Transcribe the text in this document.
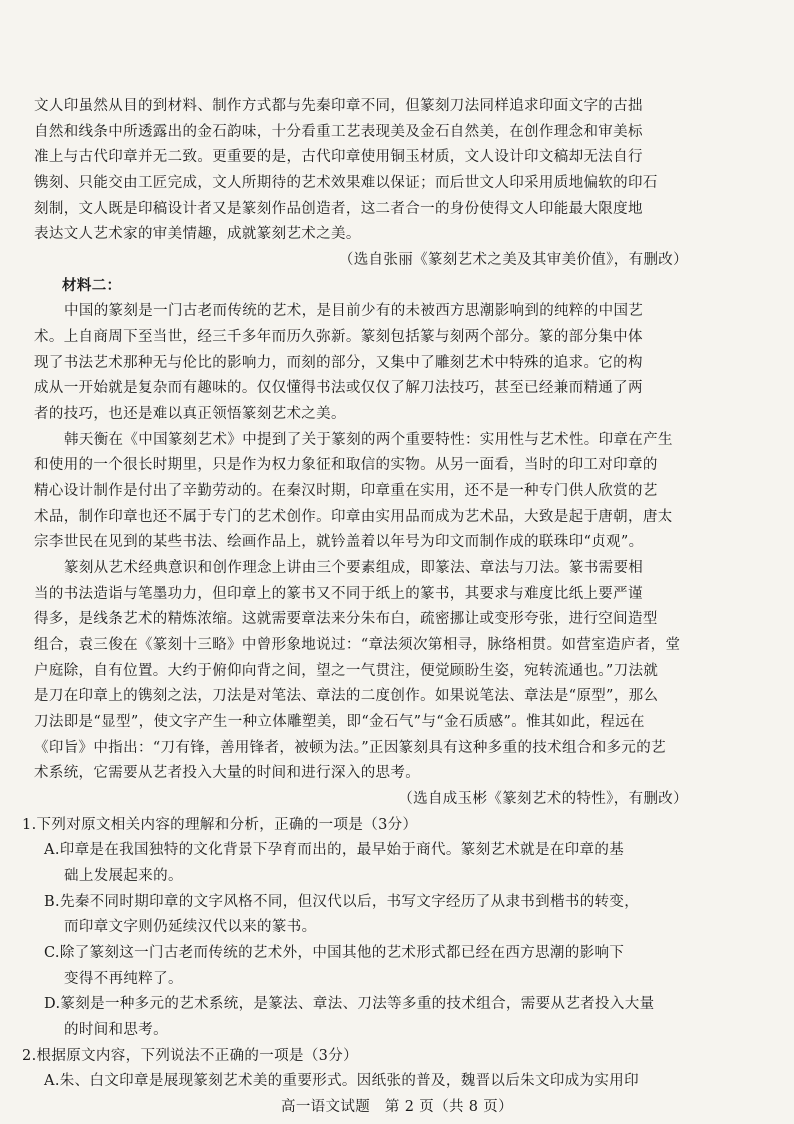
文人印虽然从目的到材料、制作方式都与先秦印章不同，但篆刻刀法同样追求印面文字的古拙
自然和线条中所透露出的金石韵味，十分看重工艺表现美及金石自然美，在创作理念和审美标
准上与古代印章并无二致。更重要的是，古代印章使用铜玉材质，文人设计印文稿却无法自行
镌刻、只能交由工匠完成，文人所期待的艺术效果难以保证；而后世文人印采用质地偏软的印石
刻制，文人既是印稿设计者又是篆刻作品创造者，这二者合一的身份使得文人印能最大限度地
表达文人艺术家的审美情趣，成就篆刻艺术之美。
（选自张丽《篆刻艺术之美及其审美价值》，有删改）
材料二：
中国的篆刻是一门古老而传统的艺术，是目前少有的未被西方思潮影响到的纯粹的中国艺
术。上自商周下至当世，经三千多年而历久弥新。篆刻包括篆与刻两个部分。篆的部分集中体
现了书法艺术那种无与伦比的影响力，而刻的部分，又集中了雕刻艺术中特殊的追求。它的构
成从一开始就是复杂而有趣味的。仅仅懂得书法或仅仅了解刀法技巧，甚至已经兼而精通了两
者的技巧，也还是难以真正领悟篆刻艺术之美。
韩天衡在《中国篆刻艺术》中提到了关于篆刻的两个重要特性：实用性与艺术性。印章在产生
和使用的一个很长时期里，只是作为权力象征和取信的实物。从另一面看，当时的印工对印章的
精心设计制作是付出了辛勤劳动的。在秦汉时期，印章重在实用，还不是一种专门供人欣赏的艺
术品，制作印章也还不属于专门的艺术创作。印章由实用品而成为艺术品，大致是起于唐朝，唐太
宗李世民在见到的某些书法、绘画作品上，就钤盖着以年号为印文而制作成的联珠印“贞观”。
篆刻从艺术经典意识和创作理念上讲由三个要素组成，即篆法、章法与刀法。篆书需要相
当的书法造诣与笔墨功力，但印章上的篆书又不同于纸上的篆书，其要求与难度比纸上要严谨
得多，是线条艺术的精炼浓缩。这就需要章法来分朱布白，疏密挪让或变形夸张，进行空间造型
组合，袁三俊在《篆刻十三略》中曾形象地说过：“章法须次第相寻，脉络相贯。如营室造庐者，堂
户庭除，自有位置。大约于俯仰向背之间，望之一气贯注，便觉顾盼生姿，宛转流通也。”刀法就
是刀在印章上的镌刻之法，刀法是对笔法、章法的二度创作。如果说笔法、章法是“原型”，那么
刀法即是“显型”，使文字产生一种立体雕塑美，即“金石气”与“金石质感”。惟其如此，程远在
《印旨》中指出：“刀有锋，善用锋者，被顿为法。”正因篆刻具有这种多重的技术组合和多元的艺
术系统，它需要从艺者投入大量的时间和进行深入的思考。
（选自成玉彬《篆刻艺术的特性》，有删改）
1.下列对原文相关内容的理解和分析，正确的一项是（3分）
A.印章是在我国独特的文化背景下孕育而出的，最早始于商代。篆刻艺术就是在印章的基
础上发展起来的。
B.先秦不同时期印章的文字风格不同，但汉代以后，书写文字经历了从隶书到楷书的转变，
而印章文字则仍延续汉代以来的篆书。
C.除了篆刻这一门古老而传统的艺术外，中国其他的艺术形式都已经在西方思潮的影响下
变得不再纯粹了。
D.篆刻是一种多元的艺术系统，是篆法、章法、刀法等多重的技术组合，需要从艺者投入大量
的时间和思考。
2.根据原文内容，下列说法不正确的一项是（3分）
A.朱、白文印章是展现篆刻艺术美的重要形式。因纸张的普及，魏晋以后朱文印成为实用印
高一语文试题　第 2 页（共 8 页）
